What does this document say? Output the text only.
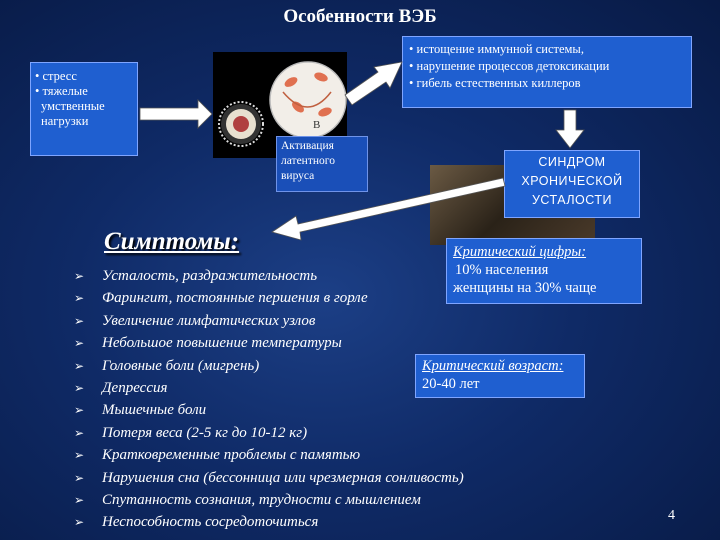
Особенности ВЭБ
• стресс
• тяжелые
умственные
нагрузки	B
Активация латентного вируса
• истощение иммунной системы,
• нарушение процессов детоксикации
• гибель естественных киллеров
СИНДРОМ ХРОНИЧЕСКОЙ УСТАЛОСТИ
Симптомы:
➢ Усталость, раздражительность
➢ Фарингит, постоянные першения в горле
➢ Увеличение лимфатических узлов
➢ Небольшое повышение температуры
➢ Головные боли (мигрень)
➢ Депрессия
➢ Мышечные боли
➢ Потеря веса (2-5 кг до 10-12 кг)
➢ Кратковременные проблемы с памятью
➢ Нарушения сна (бессонница или чрезмерная сонливость)
➢ Спутанность сознания, трудности с мышлением
➢ Неспособность сосредоточиться
Критический цифры:
10% населения
женщины на 30% чаще
Критический возраст:
20-40 лет
4
